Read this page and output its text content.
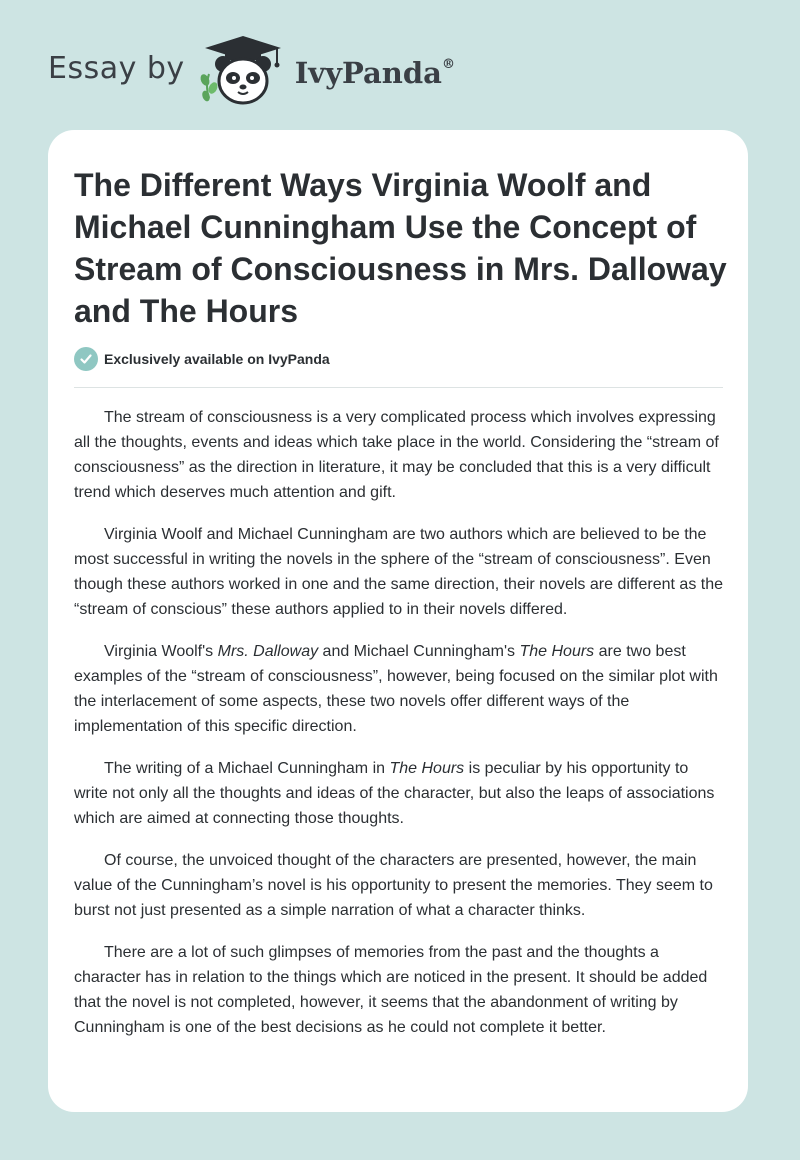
Essay by	IvyPanda®
The Different Ways Virginia Woolf and Michael Cunningham Use the Concept of Stream of Consciousness in Mrs. Dalloway and The Hours
Exclusively available on IvyPanda

The stream of consciousness is a very complicated process which involves expressing all the thoughts, events and ideas which take place in the world. Considering the “stream of consciousness” as the direction in literature, it may be concluded that this is a very difficult trend which deserves much attention and gift.

Virginia Woolf and Michael Cunningham are two authors which are believed to be the most successful in writing the novels in the sphere of the “stream of consciousness”. Even though these authors worked in one and the same direction, their novels are different as the “stream of conscious” these authors applied to in their novels differed.

Virginia Woolf's Mrs. Dalloway and Michael Cunningham's The Hours are two best examples of the “stream of consciousness”, however, being focused on the similar plot with the interlacement of some aspects, these two novels offer different ways of the implementation of this specific direction.

The writing of a Michael Cunningham in The Hours is peculiar by his opportunity to write not only all the thoughts and ideas of the character, but also the leaps of associations which are aimed at connecting those thoughts.

Of course, the unvoiced thought of the characters are presented, however, the main value of the Cunningham’s novel is his opportunity to present the memories. They seem to burst not just presented as a simple narration of what a character thinks.

There are a lot of such glimpses of memories from the past and the thoughts a character has in relation to the things which are noticed in the present. It should be added that the novel is not completed, however, it seems that the abandonment of writing by Cunningham is one of the best decisions as he could not complete it better.
